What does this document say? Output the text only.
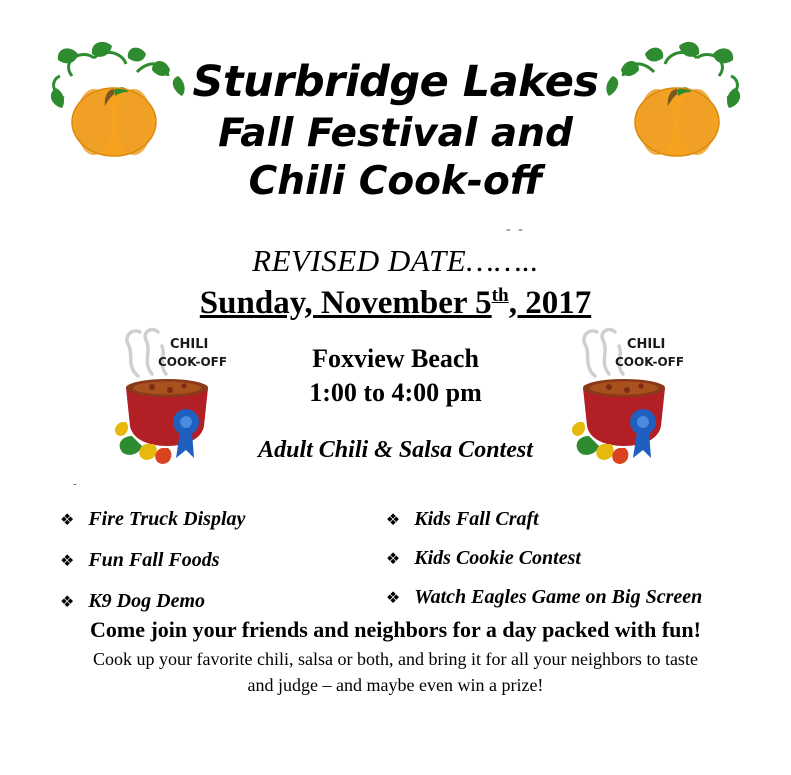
Sturbridge Lakes
Fall Festival and
Chili Cook-off
- -
REVISED DATE……..
Sunday, November 5th, 2017
CHILI
COOK-OFF
CHILI
COOK-OFF
Foxview Beach
1:00 to 4:00 pm
Adult Chili & Salsa Contest
-
❖ Fire Truck Display
❖ Fun Fall Foods
❖ K9 Dog Demo
❖ Kids Fall Craft
❖ Kids Cookie Contest
❖ Watch Eagles Game on Big Screen
Come join your friends and neighbors for a day packed with fun!
Cook up your favorite chili, salsa or both, and bring it for all your neighbors to taste and judge – and maybe even win a prize!
